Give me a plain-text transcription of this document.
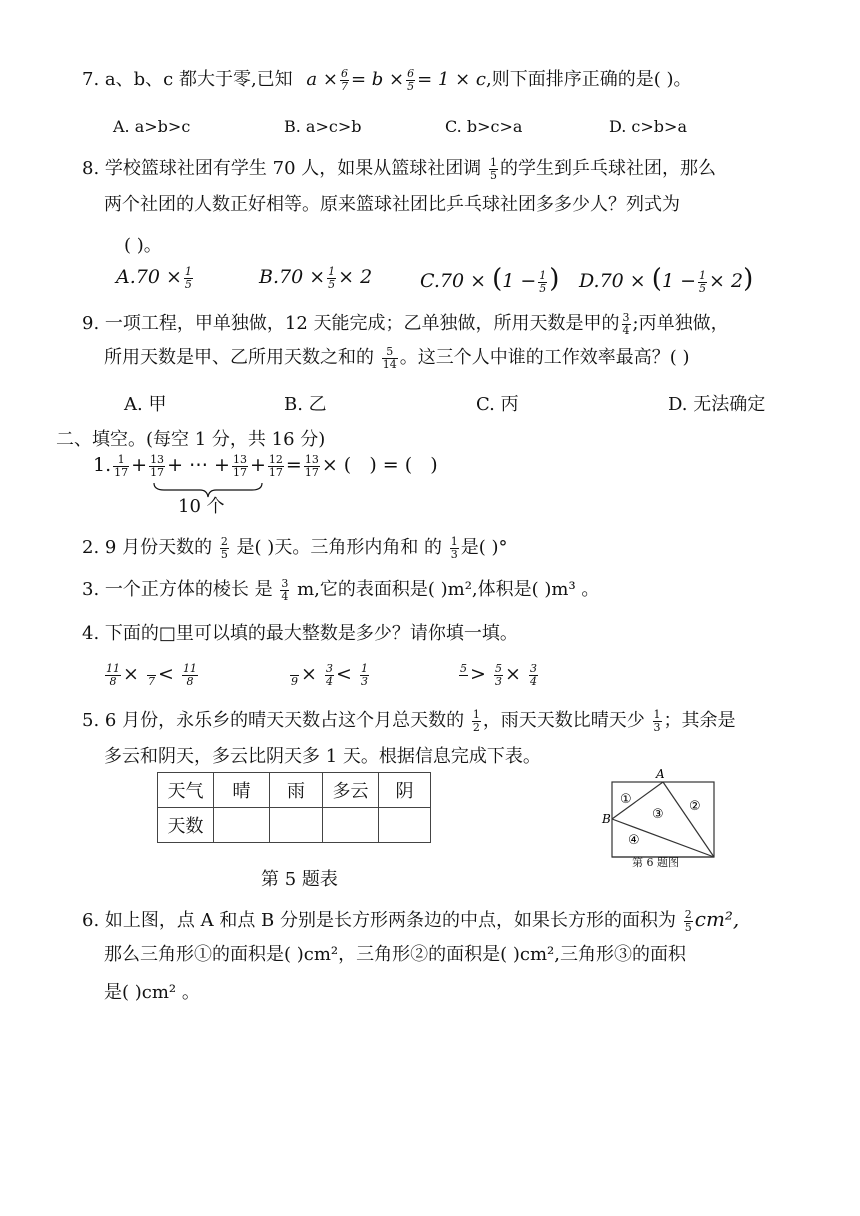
7. a、b、c 都大于零,已知 $a \times \frac{6}{7} = b \times \frac{6}{5} = 1 \times c$,则下面排序正确的是( )。
A. a>b>c	B. a>c>b	C. b>c>a	D. c>b>a
8. 学校篮球社团有学生 70 人，如果从篮球社团调 $\frac{1}{5}$ 的学生到乒乓球社团，那么
两个社团的人数正好相等。原来篮球社团比乒乓球社团多多少人？列式为
( )。
$A.70 \times \frac{1}{5}$	$B.70 \times \frac{1}{5} \times 2$	$C.70 \times (1 - \frac{1}{5}$ ) $D.70 \times (1 - \frac{1}{5} \times 2)$
9. 一项工程，甲单独做，12 天能完成；乙单独做，所用天数是甲的 $\frac{3}{4}$ ;丙单独做，
所用天数是甲、乙所用天数之和的 $\frac{5}{14}$ 。这三个人中谁的工作效率最高？( )
A. 甲	B. 乙	C. 丙	D. 无法确定
二、填空。(每空 1 分，共 16 分)
1. $\frac{1}{17} + \frac{13}{17}$ + ⋯ + $\frac{13}{17} + \frac{12}{17} = \frac{13}{17}$ × (   ) = (   )
10 个
2. 9 月份天数的 $\frac{2}{5}$ 是( )天。三角形内角和 的 $\frac{1}{3}$ 是( )°
3. 一个正方体的棱长 是 $\frac{3}{4} m$,它的表面积是( )m²,体积是( )m³ 。
4. 下面的□里可以填的最大整数是多少？请你填一填。
$\frac{11}{8}$ ×
$7 < \frac{11}{8}$
	$9 \times \frac{3}{4} < \frac{1}{3}$	5
> $\frac{5}{3} \times \frac{3}{4}$
5. 6 月份，永乐乡的晴天天数占这个月总天数的 $\frac{1}{2}$ ，雨天天数比晴天少 $\frac{1}{3}$ ；其余是
多云和阴天，多云比阴天多 1 天。根据信息完成下表。
天气	晴	雨	多云	阴
天数				
A
B
①	②
③
④
第 6 题图
第 5 题表
6. 如上图，点 A 和点 B 分别是长方形两条边的中点，如果长方形的面积为 $\frac{2}{5} cm^2$,
那么三角形①的面积是( )cm²，三角形②的面积是( )cm²,三角形③的面积
是( )cm² 。
